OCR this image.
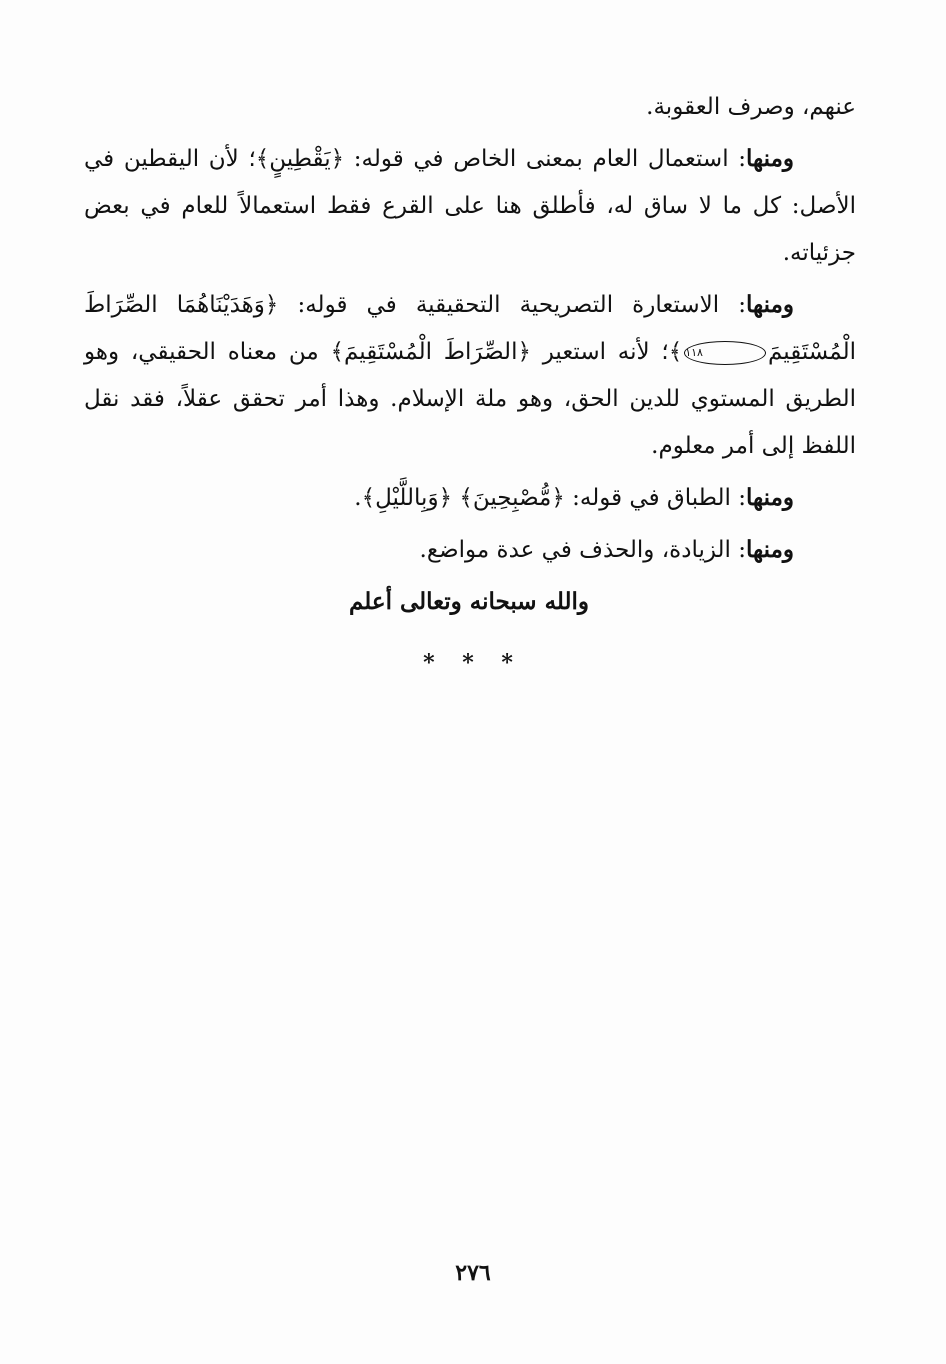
عنهم، وصرف العقوبة.

ومنها: استعمال العام بمعنى الخاص في قوله: ﴿يَقْطِينٍ﴾؛ لأن اليقطين في الأصل: كل ما لا ساق له، فأطلق هنا على القرع فقط استعمالاً للعام في بعض جزئياته.

ومنها: الاستعارة التصريحية التحقيقية في قوله: ﴿وَهَدَيْنَاهُمَا الصِّرَاطَ الْمُسْتَقِيمَ١١٨﴾؛ لأنه استعير ﴿الصِّرَاطَ الْمُسْتَقِيمَ﴾ من معناه الحقيقي، وهو الطريق المستوي للدين الحق، وهو ملة الإسلام. وهذا أمر تحقق عقلاً، فقد نقل اللفظ إلى أمر معلوم.

ومنها: الطباق في قوله: ﴿مُّصْبِحِينَ﴾ ﴿وَبِاللَّيْلِ﴾.

ومنها: الزيادة، والحذف في عدة مواضع.

والله سبحانه وتعالى أعلم
* * *
٢٧٦
